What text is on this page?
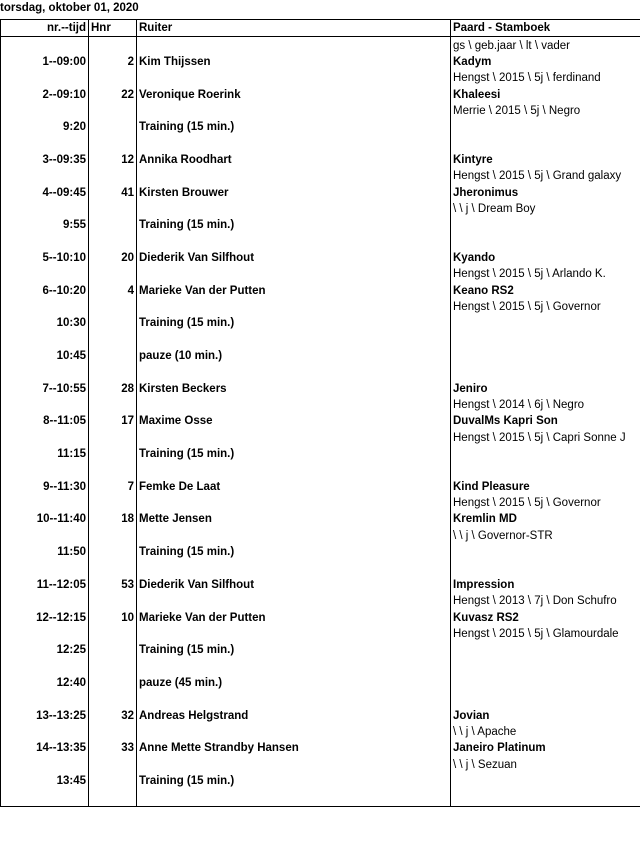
torsdag, oktober 01, 2020
nr.--tijd	Hnr	Ruiter	Paard - Stamboek
			gs \ geb.jaar \ lt \ vader
1--09:00	2	Kim Thijssen	Kadym
			Hengst \ 2015 \ 5j \ ferdinand
2--09:10	22	Veronique Roerink	Khaleesi
			Merrie \ 2015 \ 5j \ Negro
9:20		Training (15 min.)	

3--09:35	12	Annika Roodhart	Kintyre
			Hengst \ 2015 \ 5j \ Grand galaxy
4--09:45	41	Kirsten Brouwer	Jheronimus
			\ \ j \ Dream Boy
9:55		Training (15 min.)	

5--10:10	20	Diederik Van Silfhout	Kyando
			Hengst \ 2015 \ 5j \ Arlando K.
6--10:20	4	Marieke Van der Putten	Keano RS2
			Hengst \ 2015 \ 5j \ Governor
10:30		Training (15 min.)	

10:45		pauze (10 min.)	

7--10:55	28	Kirsten Beckers	Jeniro
			Hengst \ 2014 \ 6j \ Negro
8--11:05	17	Maxime Osse	DuvalMs Kapri Son
			Hengst \ 2015 \ 5j \ Capri Sonne J
11:15		Training (15 min.)	

9--11:30	7	Femke De Laat	Kind Pleasure
			Hengst \ 2015 \ 5j \ Governor
10--11:40	18	Mette Jensen	Kremlin MD
			\ \ j \ Governor-STR
11:50		Training (15 min.)	

11--12:05	53	Diederik Van Silfhout	Impression
			Hengst \ 2013 \ 7j \ Don Schufro
12--12:15	10	Marieke Van der Putten	Kuvasz RS2
			Hengst \ 2015 \ 5j \ Glamourdale
12:25		Training (15 min.)	

12:40		pauze (45 min.)	

13--13:25	32	Andreas Helgstrand	Jovian
			\ \ j \ Apache
14--13:35	33	Anne Mette Strandby Hansen	Janeiro Platinum
			\ \ j \ Sezuan
13:45		Training (15 min.)	
